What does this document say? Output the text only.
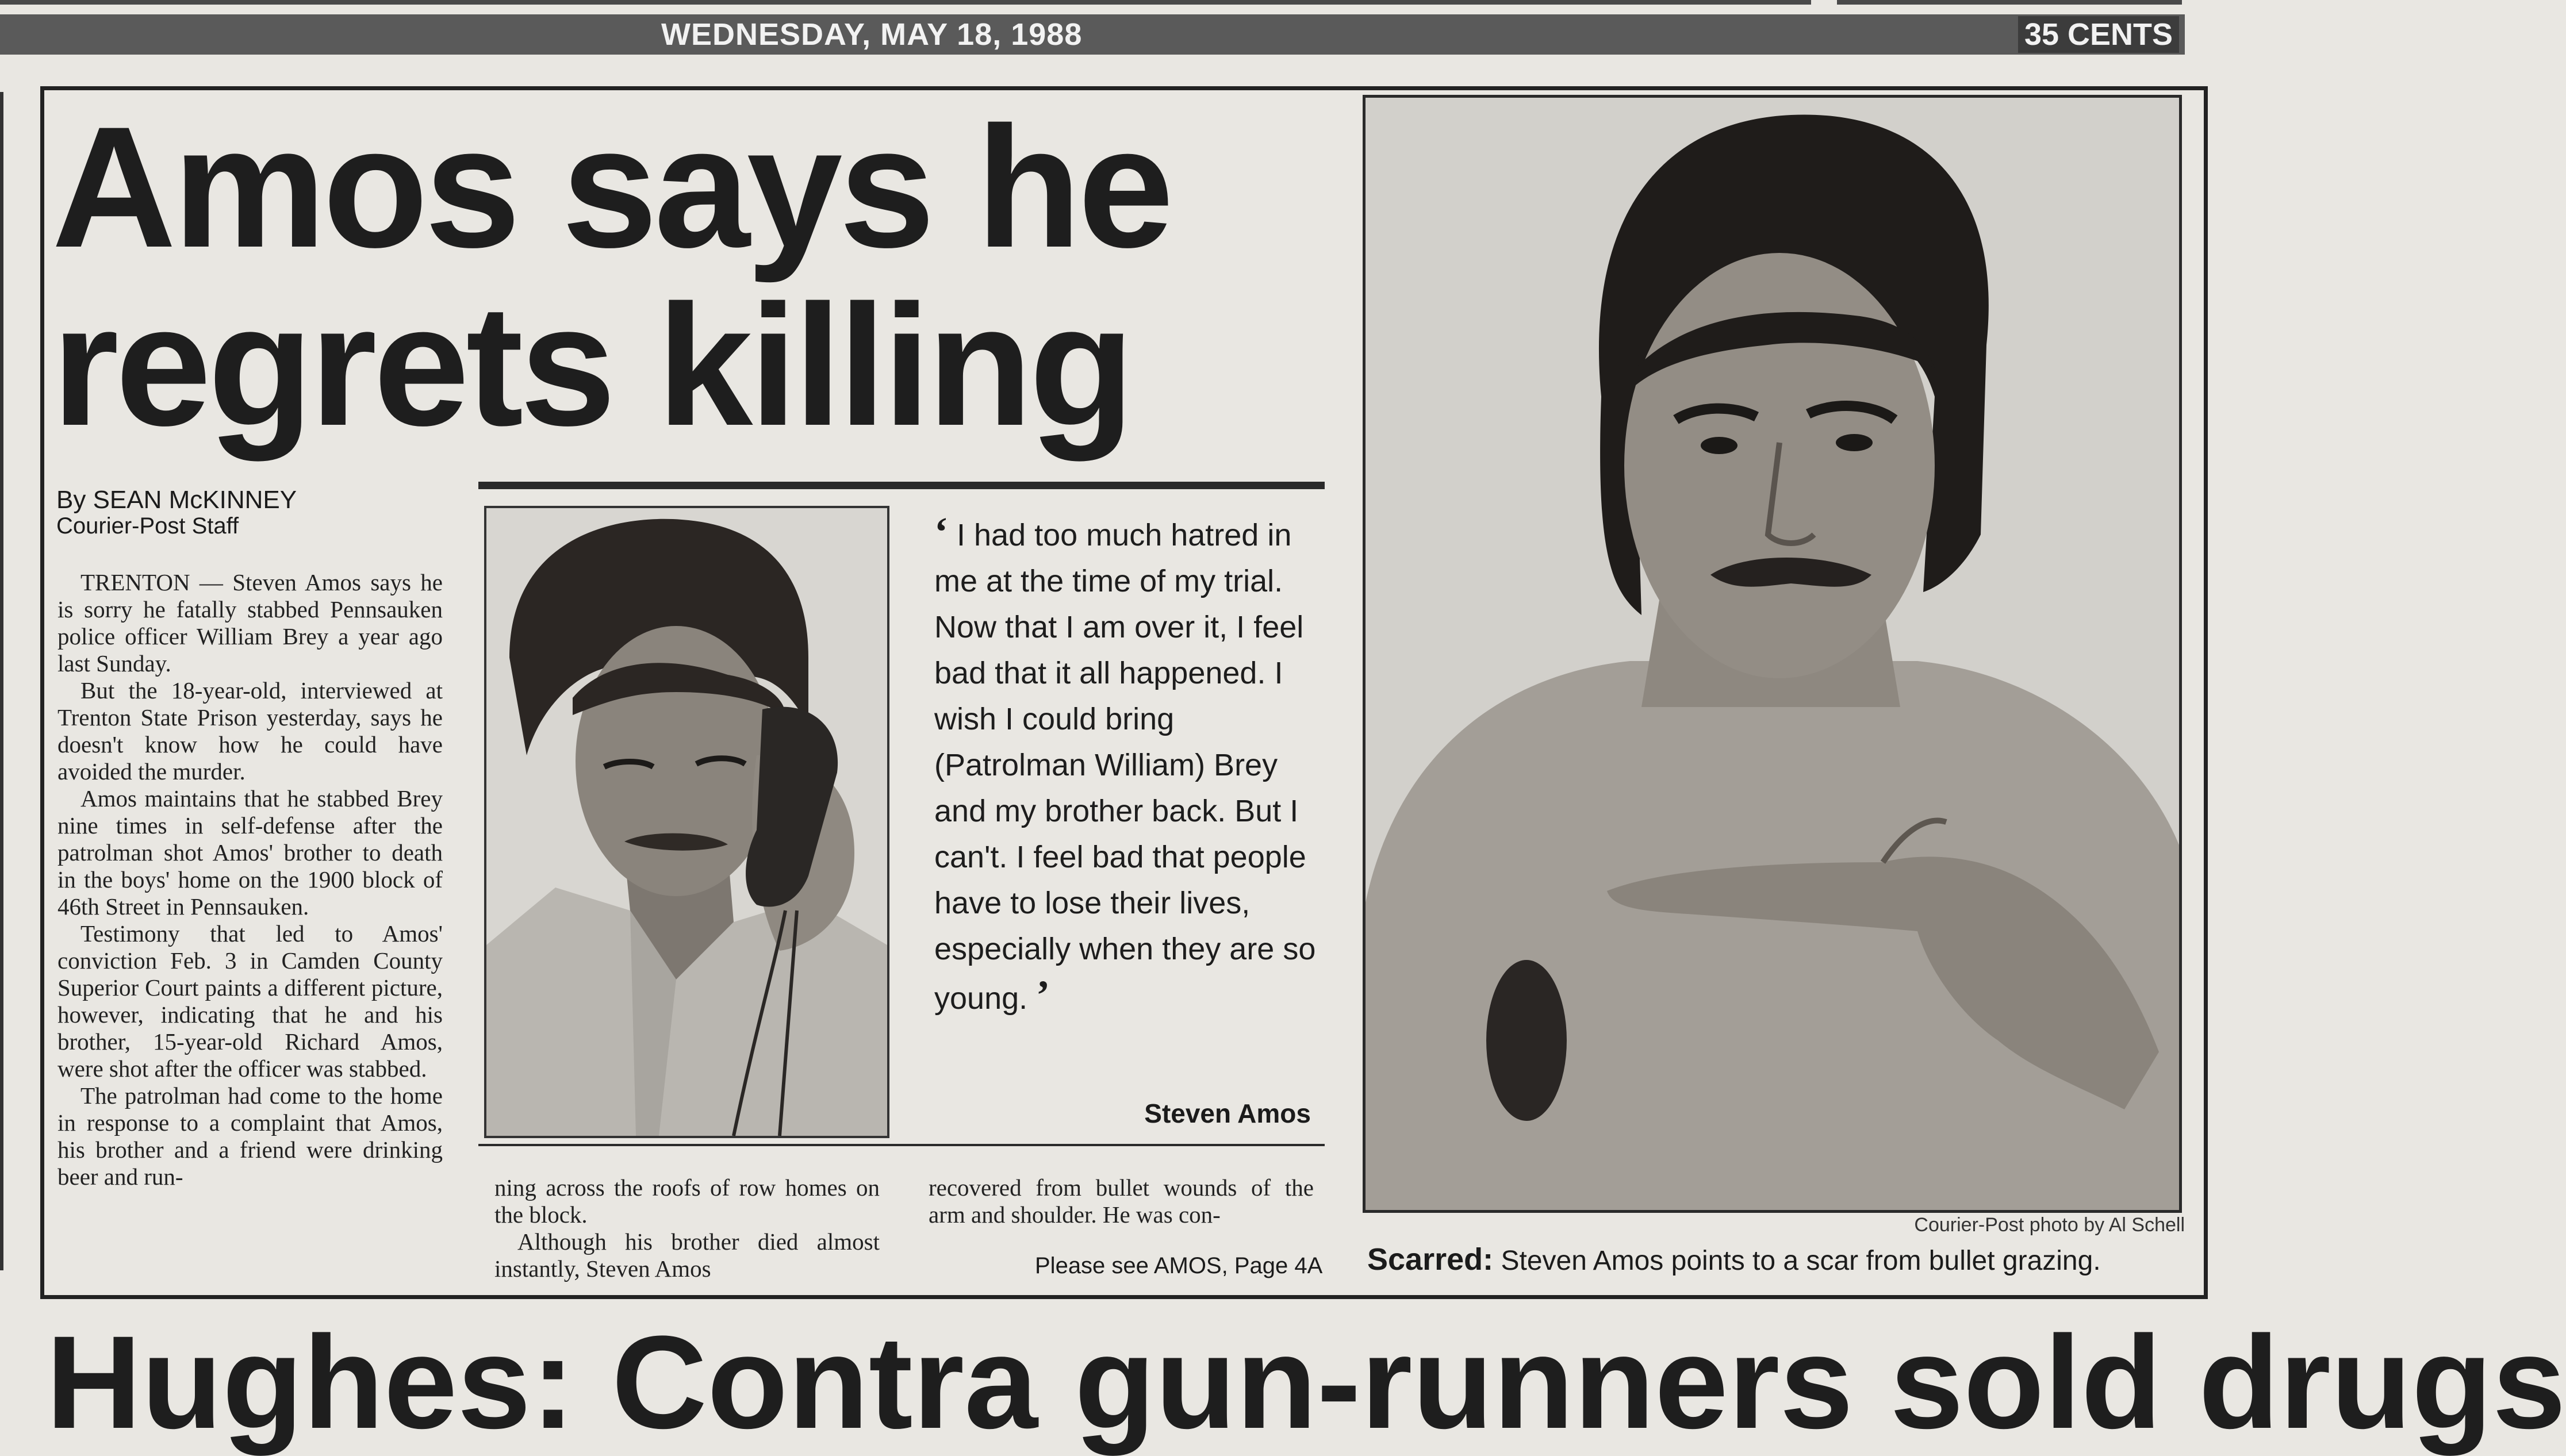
WEDNESDAY, MAY 18, 1988	35 CENTS
Amos says he
regrets killing
By SEAN McKINNEY
Courier-Post Staff

TRENTON — Steven Amos says he is sorry he fatally stabbed Pennsauken police officer William Brey a year ago last Sunday.

But the 18-year-old, interviewed at Trenton State Prison yesterday, says he doesn't know how he could have avoided the murder.

Amos maintains that he stabbed Brey nine times in self-defense after the patrolman shot Amos' brother to death in the boys' home on the 1900 block of 46th Street in Pennsauken.

Testimony that led to Amos' conviction Feb. 3 in Camden County Superior Court paints a different picture, however, indicating that he and his brother, 15-year-old Richard Amos, were shot after the officer was stabbed.

The patrolman had come to the home in response to a complaint that Amos, his brother and a friend were drinking beer and run-

‘ I had too much hatred in me at the time of my trial. Now that I am over it, I feel bad that it all happened. I wish I could bring (Patrolman William) Brey and my brother back. But I can't. I feel bad that people have to lose their lives, especially when they are so young. ’
Steven Amos

ning across the roofs of row homes on the block.

Although his brother died almost instantly, Steven Amos

recovered from bullet wounds of the arm and shoulder. He was con-

Please see AMOS, Page 4A
Courier-Post photo by Al Schell
Scarred: Steven Amos points to a scar from bullet grazing.
Hughes: Contra gun-runners sold drugs
